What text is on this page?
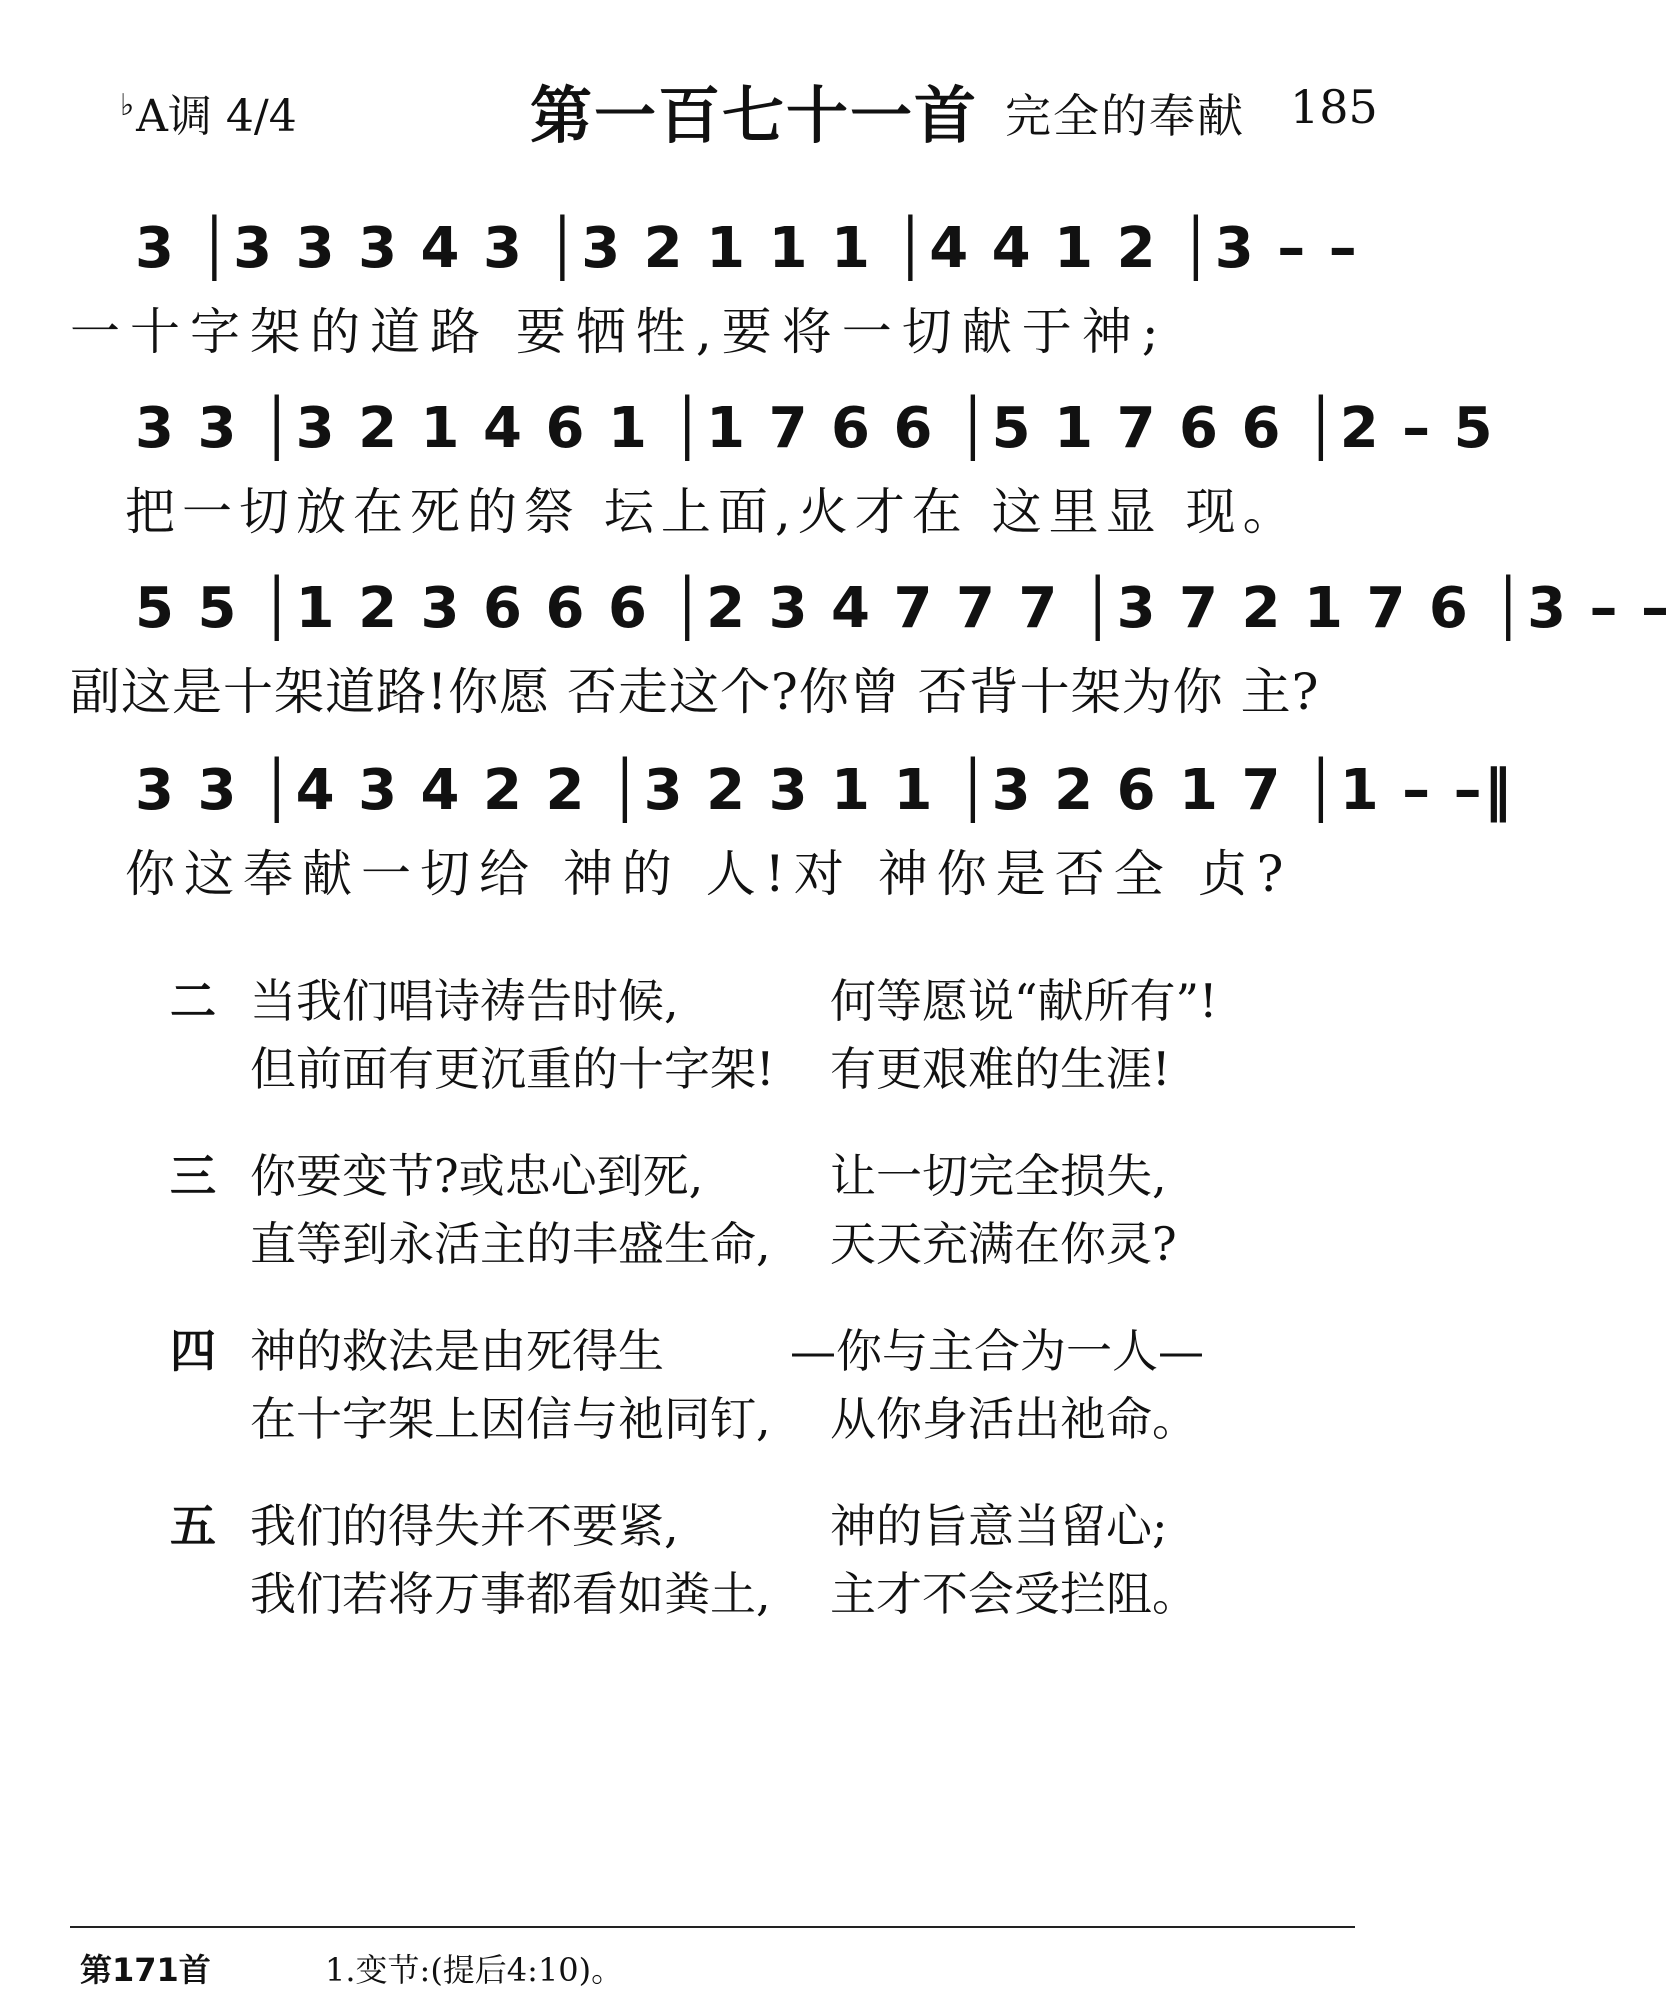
♭A调 4/4	第一百七十一首 完全的奉献 185
3 │3 3 3 4 3 │3 2 1 1 1 │4 4 1 2 │3 – –
一十字架的道路 要牺牲,要将一切献于神;
3 3 │3 2 1 4 6 1 │1 7 6 6 │5 1 7 6 6 │2 – 5
把一切放在死的祭 坛上面,火才在 这里显 现。
5 5 │1 2 3 6 6 6 │2 3 4 7 7 7 │3 7 2 1 7 6 │3 – –
副这是十架道路!你愿 否走这个?你曾 否背十架为你 主?
3 3 │4 3 4 2 2 │3 2 3 1 1 │3 2 6 1 7 │1 – –‖
你这奉献一切给 神的 人!对 神你是否全 贞?
二 当我们唱诗祷告时候,	何等愿说“献所有”!
但前面有更沉重的十字架! 有更艰难的生涯!
三 你要变节?或忠心到死,	让一切完全损失,
直等到永活主的丰盛生命, 天天充满在你灵?
四 神的救法是由死得生	—你与主合为一人—
在十字架上因信与祂同钉, 从你身活出祂命。
五 我们的得失并不要紧,	神的旨意当留心;
我们若将万事都看如粪土, 主才不会受拦阻。
第171首	1.变节:(提后4:10)。
